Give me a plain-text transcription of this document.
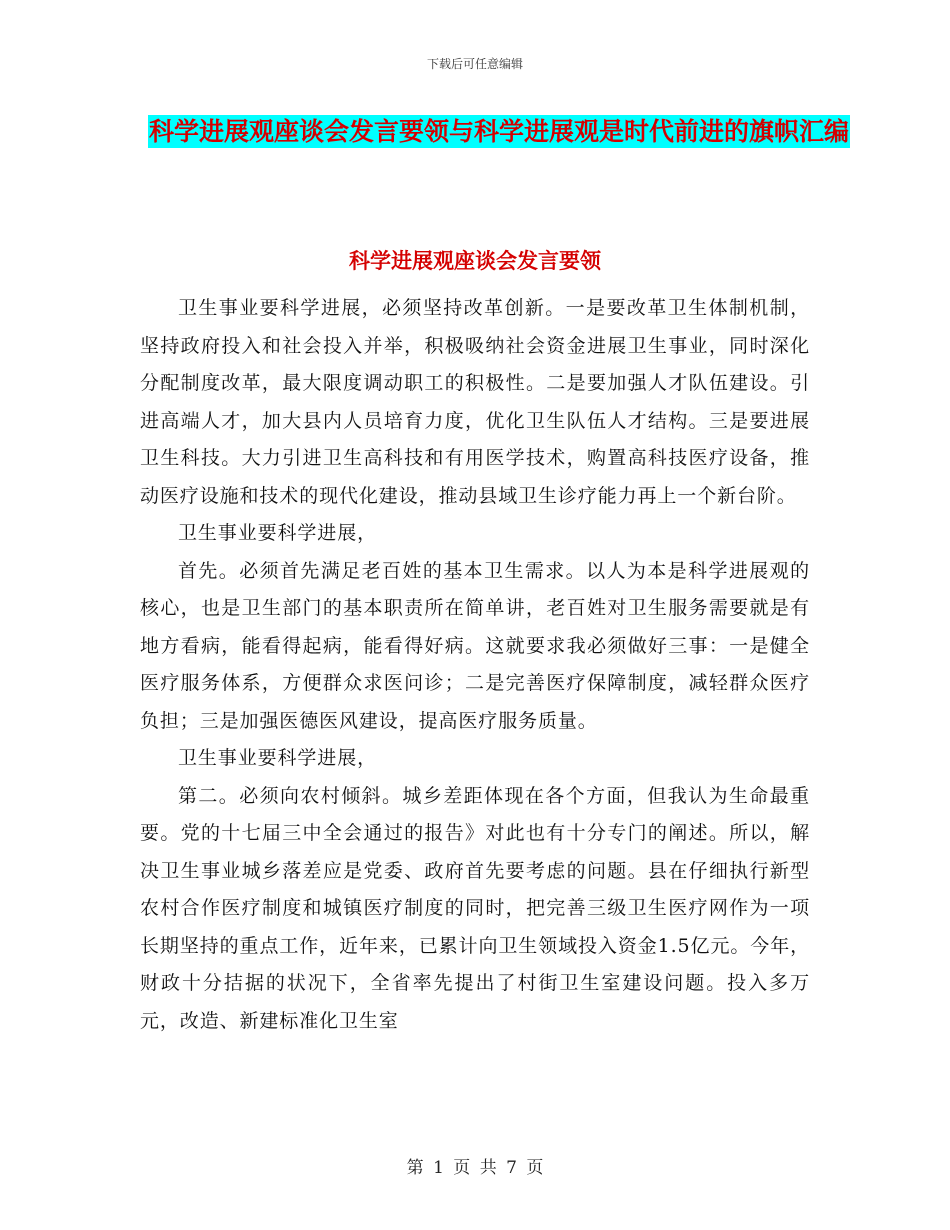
下载后可任意编辑
科学进展观座谈会发言要领与科学进展观是时代前进的旗帜汇编
科学进展观座谈会发言要领

卫生事业要科学进展，必须坚持改革创新。一是要改革卫生体制机制，坚持政府投入和社会投入并举，积极吸纳社会资金进展卫生事业，同时深化分配制度改革，最大限度调动职工的积极性。二是要加强人才队伍建设。引进高端人才，加大县内人员培育力度，优化卫生队伍人才结构。三是要进展卫生科技。大力引进卫生高科技和有用医学技术，购置高科技医疗设备，推动医疗设施和技术的现代化建设，推动县域卫生诊疗能力再上一个新台阶。

卫生事业要科学进展，

首先。必须首先满足老百姓的基本卫生需求。以人为本是科学进展观的核心，也是卫生部门的基本职责所在简单讲，老百姓对卫生服务需要就是有地方看病，能看得起病，能看得好病。这就要求我必须做好三事：一是健全医疗服务体系，方便群众求医问诊；二是完善医疗保障制度，减轻群众医疗负担；三是加强医德医风建设，提高医疗服务质量。

卫生事业要科学进展，

第二。必须向农村倾斜。城乡差距体现在各个方面，但我认为生命最重要。党的十七届三中全会通过的报告》对此也有十分专门的阐述。所以，解决卫生事业城乡落差应是党委、政府首先要考虑的问题。县在仔细执行新型农村合作医疗制度和城镇医疗制度的同时，把完善三级卫生医疗网作为一项长期坚持的重点工作，近年来，已累计向卫生领域投入资金1.5亿元。今年，财政十分拮据的状况下，全省率先提出了村街卫生室建设问题。投入多万元，改造、新建标准化卫生室

第 1 页 共 7 页
